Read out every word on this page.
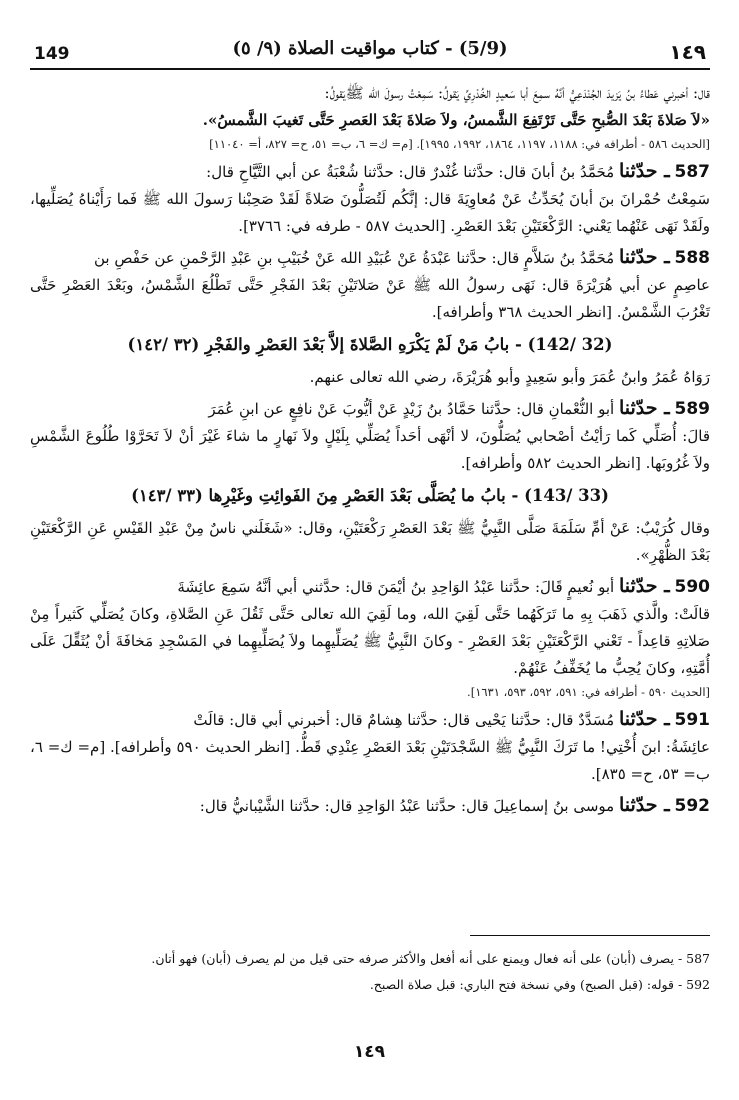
149	(5/9) - كتاب مواقيت الصلاة (٩/ ٥)	١٤٩
قال: أخبرني عَطاءُ بنُ يَزيدَ الجُنْدَعِيُّ أنَّهُ سمِعَ أبا سَعيدٍ الخُدْرِيَّ يَقولُ: سَمِعْتُ رسولَ الله ﷺيَقولُ:
«لاَ صَلاةَ بَعْدَ الصُّبحِ حَتَّى تَرْتَفِعَ الشَّمسُ، ولاَ صَلاةَ بَعْدَ العَصرِ حَتَّى تَغيبَ الشَّمسُ».
[الحديث ٥٨٦ - أطرافه في: ١١٨٨، ١١٩٧، ١٨٦٤، ١٩٩٢، ١٩٩٥]. [م= ك= ٦، ب= ٥١، ح= ٨٢٧، أ= ١١٠٤٠]
587 ـ حدّثنا مُحَمَّدُ بنُ أبانَ قال: حدَّثنا غُنْدرٌ قال: حدَّثنا شُعْبَةُ عن أبي التَّيَّاحِ قال:
سَمِعْتُ حُمْرانَ بنَ أبانَ يُحَدِّثُ عَنْ مُعاوِيَةَ قال: إنَّكُم لَتُصَلُّونَ صَلاةً لَقَدْ صَحِبْنا رَسولَ الله ﷺ فَما رَأَيْناهُ يُصَلِّيها، ولَقَدْ نَهَى عَنْهُما يَعْني: الرَّكْعَتَيْنِ بَعْدَ العَصْرِ. [الحديث ٥٨٧ - طرفه في: ٣٧٦٦].
588 ـ حدّثنا مُحَمَّدُ بنُ سَلاَّمٍ قال: حدَّثنا عَبْدَةُ عَنْ عُبَيْدِ الله عَنْ خُبَيْبِ بنِ عَبْدِ الرَّحْمنِ عن حَفْصِ بن
عاصِمٍ عن أبي هُرَيْرَةَ قال: نَهَى رسولُ الله ﷺ عَنْ صَلاتَيْنِ بَعْدَ الفَجْرِ حَتَّى تَطْلُعَ الشَّمْسُ، وبَعْدَ العَصْرِ حَتَّى تَغْرُبَ الشَّمْسُ. [انظر الحديث ٣٦٨ وأطرافه].
(32 /142) - بابُ مَنْ لَمْ يَكْرَهِ الصَّلاةَ إلاَّ بَعْدَ العَصْرِ والفَجْرِ (٣٢ /١٤٢)
رَوَاهُ عُمَرُ وابنُ عُمَرَ وأبو سَعِيدٍ وأبو هُرَيْرَةَ، رضي الله تعالى عنهم.
589 ـ حدّثنا أبو النُّعْمانِ قال: حدَّثنا حَمَّادُ بنُ زَيْدٍ عَنْ أيُّوبَ عَنْ نافِعٍ عن ابنِ عُمَرَ
قالَ: أُصَلِّي كَما رَأيْتُ أصْحابي يُصَلُّونَ، لا أنْهَى أحَداً يُصَلِّي بِلَيْلٍ ولاَ نَهارٍ ما شاءَ غَيْرَ أنْ لاَ تَحَرَّوْا طُلُوعَ الشَّمْسِ ولاَ غُرُوبَها. [انظر الحديث ٥٨٢ وأطرافه].
(33 /143) - بابُ ما يُصَلَّى بَعْدَ العَصْرِ مِنَ الفَوائِتِ وغَيْرِها (٣٣ /١٤٣)
وقال كُرَيْبٌ: عَنْ أمِّ سَلَمَةَ صَلَّى النَّبِيُّ ﷺ بَعْدَ العَصْرِ رَكْعَتَيْنِ، وقال: «شَغَلَني ناسٌ مِنْ عَبْدِ القَيْسِ عَنِ الرَّكْعَتَيْنِ بَعْدَ الظُّهْرِ».
590 ـ حدّثنا أبو نُعيمٍ قَالَ: حدَّثنا عَبْدُ الوَاحِدِ بنُ أيْمَنَ قال: حدَّثني أبي أنَّهُ سَمِعَ عائِشَةَ
قالَتْ: والَّذي ذَهَبَ بِهِ ما تَرَكَهُما حَتَّى لَقِيَ الله، وما لَقِيَ الله تعالى حَتَّى ثَقُلَ عَنِ الصَّلاةِ، وكانَ يُصَلِّي كَثيراً مِنْ صَلاتِهِ قاعِداً - تَعْني الرَّكْعَتَيْنِ بَعْدَ العَصْرِ - وكانَ النَّبِيُّ ﷺ يُصَلِّيهِما ولاَ يُصَلِّيهِما في المَسْجِدِ مَخافَةَ أنْ يُثَقِّلَ عَلَى أُمَّتِهِ، وكانَ يُحِبُّ ما يُخَفِّفُ عَنْهُمْ.
[الحديث ٥٩٠ - أطرافه في: ٥٩١، ٥٩٢، ٥٩٣، ١٦٣١].
591 ـ حدّثنا مُسَدَّدٌ قال: حدَّثنا يَحْيى قال: حدَّثنا هِشامٌ قال: أخبرني أبي قال: قالَتْ
عائِشَةُ: ابنَ أُخْتِي! ما تَرَكَ النَّبِيُّ ﷺ السَّجْدَتَيْنِ بَعْدَ العَصْرِ عِنْدِي قَطُّ. [انظر الحديث ٥٩٠ وأطرافه]. [م= ك= ٦، ب= ٥٣، ح= ٨٣٥].
592 ـ حدّثنا موسى بنُ إسماعِيلَ قال: حدَّثنا عَبْدُ الوَاحِدِ قال: حدَّثنا الشَّيْبانيُّ قال:
587 - يصرف (أبان) على أنه فعال ويمنع على أنه أفعل والأكثر صرفه حتى قيل من لم يصرف (أبان) فهو أتان.
592 - قوله: (قبل الصبح) وفي نسخة فتح الباري: قبل صلاة الصبح.
١٤٩
